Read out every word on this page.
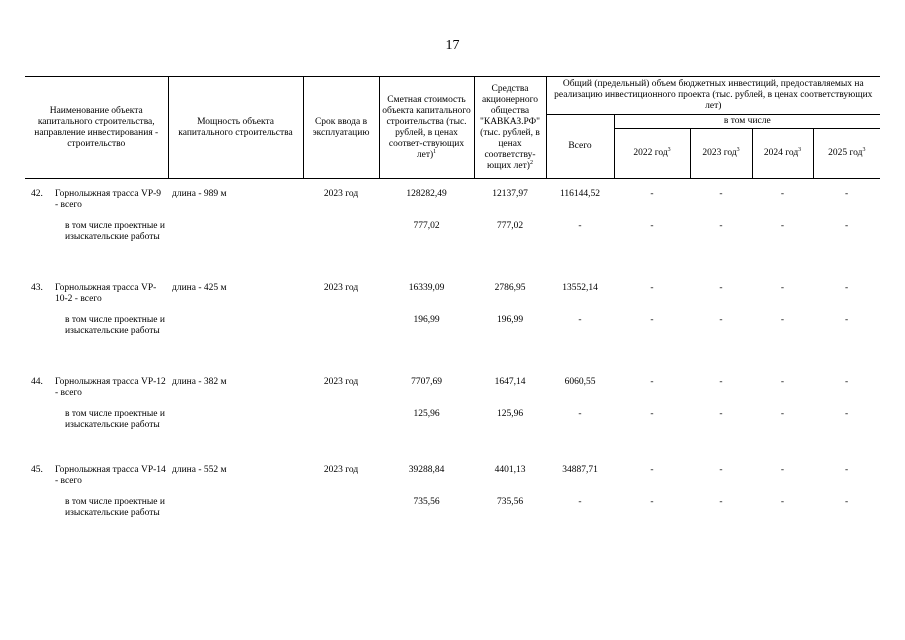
17
Наименование объекта капитального строительства, направление инвестирования - строительство		Мощность объекта капитального строительства	Срок ввода в эксплуатацию	Сметная стоимость объекта капитального строительства (тыс. рублей, в ценах соответ-ствующих лет)$^1$	Средства акционерного общества "КАВКАЗ.РФ" (тыс. рублей, в ценах соответству-ющих лет)$^2$	Общий (предельный) объем бюджетных инвестиций, предоставляемых на реализацию инвестиционного проекта (тыс. рублей, в ценах соответствующих лет)				
						Всего	в том числе			
							2022 год$^3$	2023 год$^3$	2024 год$^3$	2025 год$^3$

42.	Горнолыжная трасса VP-9 - всего	длина - 989 м	2023 год	128282,49	12137,97	116144,52	-	-	-	-
	в том числе проектные и изыскательские работы			777,02	777,02	-	-	-	-	-
43.	Горнолыжная трасса VP-10-2 - всего	длина - 425 м	2023 год	16339,09	2786,95	13552,14	-	-	-	-
	в том числе проектные и изыскательские работы			196,99	196,99	-	-	-	-	-
44.	Горнолыжная трасса VP-12 - всего	длина - 382 м	2023 год	7707,69	1647,14	6060,55	-	-	-	-
	в том числе проектные и изыскательские работы			125,96	125,96	-	-	-	-	-
45.	Горнолыжная трасса VP-14 - всего	длина - 552 м	2023 год	39288,84	4401,13	34887,71	-	-	-	-
	в том числе проектные и изыскательские работы			735,56	735,56	-	-	-	-	-
